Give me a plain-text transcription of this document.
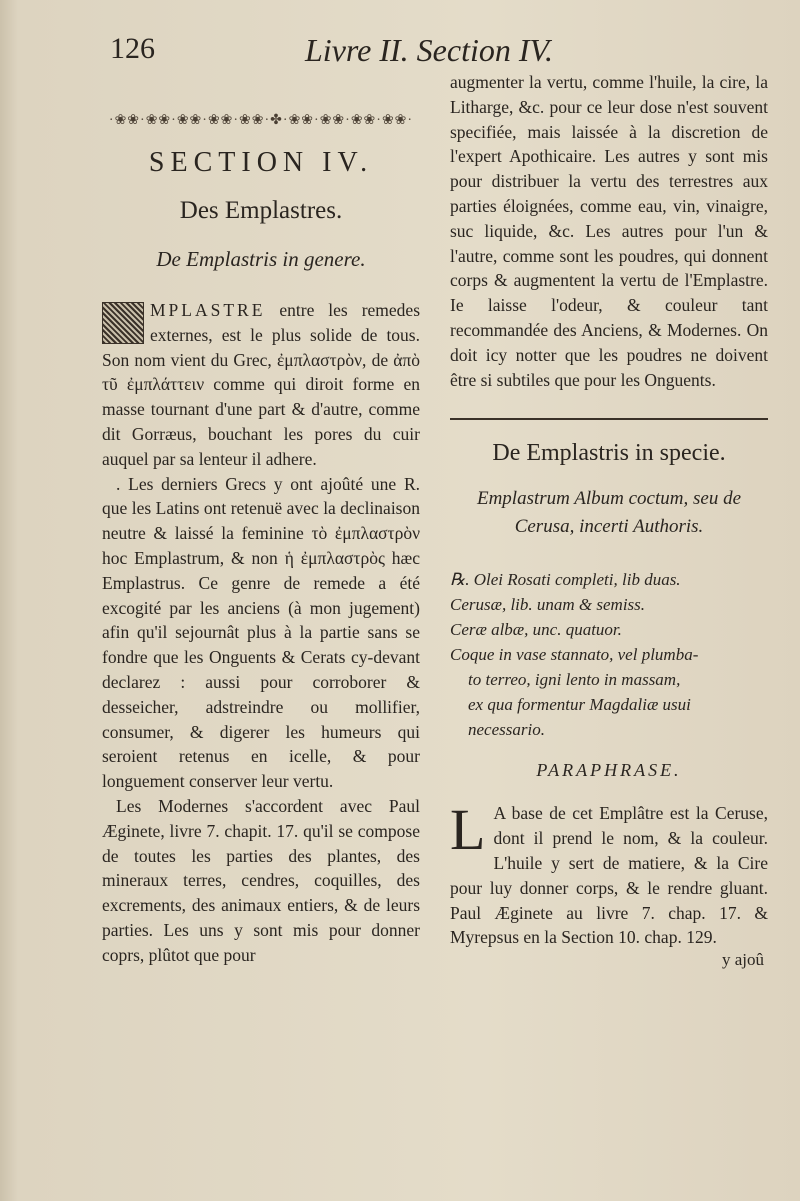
126	Livre II. Section IV.
·❀❀·❀❀·❀❀·❀❀·❀❀·✤·❀❀·❀❀·❀❀·❀❀·
SECTION IV.
Des Emplastres.
De Emplastris in genere.

MPLASTRE entre les remedes externes, est le plus solide de tous. Son nom vient du Grec, ἐμπλαστρὸν, de ἀπὸ τῦ ἐμπλάττειν comme qui diroit forme en masse tournant d'une part & d'autre, comme dit Gorræus, bouchant les pores du cuir auquel par sa lenteur il adhere.

. Les derniers Grecs y ont ajoûté une R. que les Latins ont retenuë avec la declinaison neutre & laissé la feminine τὸ ἐμπλαστρὸν hoc Emplastrum, & non ἡ ἐμπλαστρὸς hæc Emplastrus. Ce genre de remede a été excogité par les anciens (à mon jugement) afin qu'il sejournât plus à la partie sans se fondre que les Onguents & Cerats cy-devant declarez : aussi pour corroborer & desseicher, adstreindre ou mollifier, consumer, & digerer les humeurs qui seroient retenus en icelle, & pour longuement conserver leur vertu.

Les Modernes s'accordent avec Paul Æginete, livre 7. chapit. 17. qu'il se compose de toutes les parties des plantes, des mineraux terres, cendres, coquilles, des excrements, des animaux entiers, & de leurs parties. Les uns y sont mis pour donner coprs, plûtot que pour

augmenter la vertu, comme l'huile, la cire, la Litharge, &c. pour ce leur dose n'est souvent specifiée, mais laissée à la discretion de l'expert Apothicaire. Les autres y sont mis pour distribuer la vertu des terrestres aux parties éloignées, comme eau, vin, vinaigre, suc liquide, &c. Les autres pour l'un & l'autre, comme sont les poudres, qui donnent corps & augmentent la vertu de l'Emplastre. Ie laisse l'odeur, & couleur tant recommandée des Anciens, & Modernes. On doit icy notter que les poudres ne doivent être si subtiles que pour les Onguents.

De Emplastris in specie.
Emplastrum Album coctum, seu de Cerusa, incerti Authoris.
℞. Olei Rosati completi, lib duas.
Cerusæ, lib. unam & semiss.
Ceræ albæ, unc. quatuor.
Coque in vase stannato, vel plumba-
to terreo, igni lento in massam,
ex qua formentur Magdaliæ usui
necessario.
PARAPHRASE.

L A base de cet Emplâtre est la Ceruse, dont il prend le nom, & la couleur. L'huile y sert de matiere, & la Cire pour luy donner corps, & le rendre gluant. Paul Æginete au livre 7. chap. 17. & Myrepsus en la Section 10. chap. 129.

y ajoû
